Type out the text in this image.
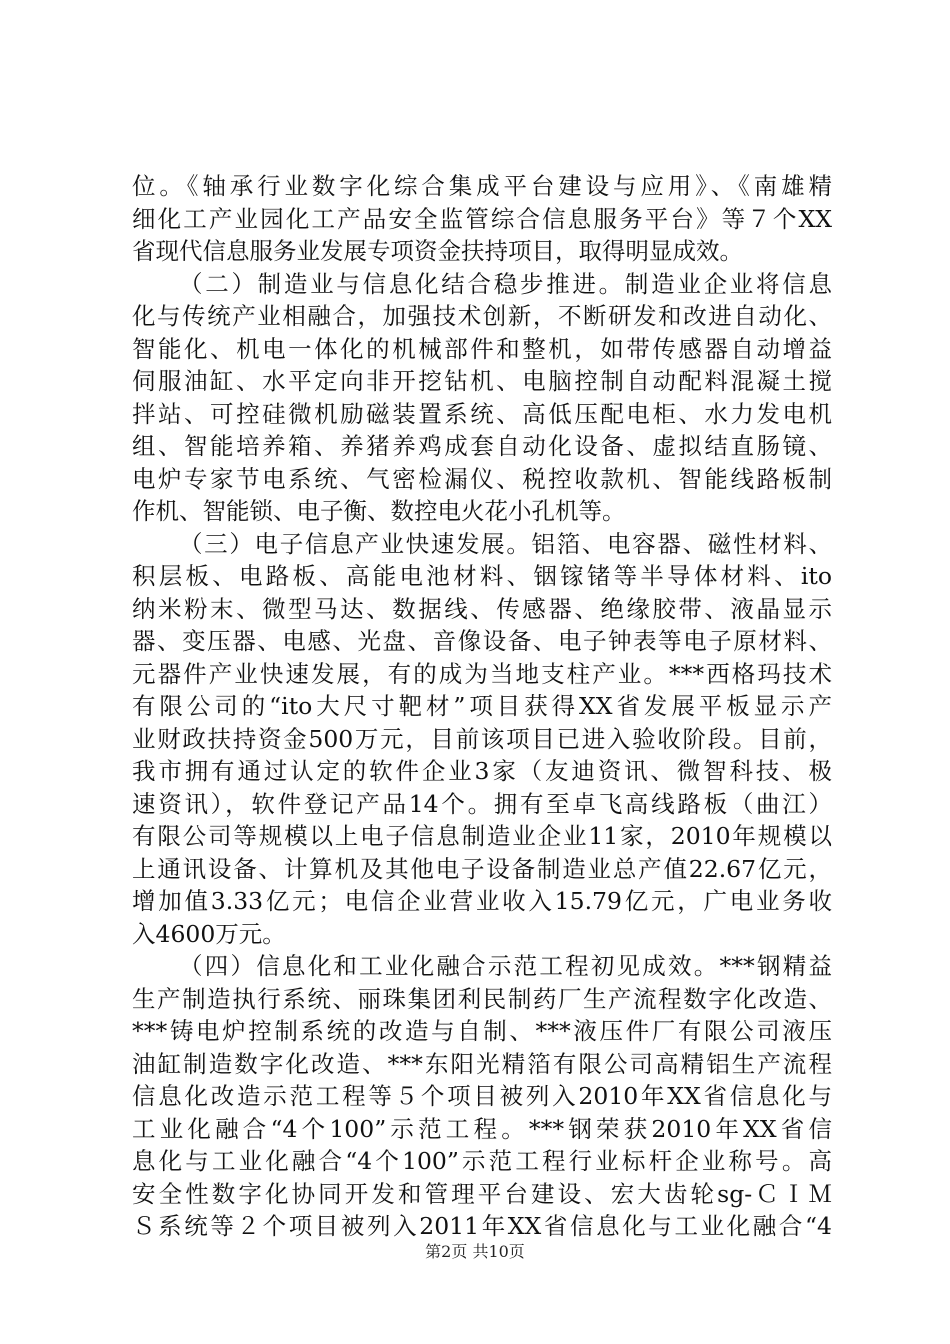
位。《轴承行业数字化综合集成平台建设与应用》、《南雄精
细化工产业园化工产品安全监管综合信息服务平台》等７个XX
省现代信息服务业发展专项资金扶持项目，取得明显成效。
（二）制造业与信息化结合稳步推进。制造业企业将信息
化与传统产业相融合，加强技术创新，不断研发和改进自动化、
智能化、机电一体化的机械部件和整机，如带传感器自动增益
伺服油缸、水平定向非开挖钻机、电脑控制自动配料混凝土搅
拌站、可控硅微机励磁装置系统、高低压配电柜、水力发电机
组、智能培养箱、养猪养鸡成套自动化设备、虚拟结直肠镜、
电炉专家节电系统、气密检漏仪、税控收款机、智能线路板制
作机、智能锁、电子衡、数控电火花小孔机等。
（三）电子信息产业快速发展。铝箔、电容器、磁性材料、
积层板、电路板、高能电池材料、铟镓锗等半导体材料、ito
纳米粉末、微型马达、数据线、传感器、绝缘胶带、液晶显示
器、变压器、电感、光盘、音像设备、电子钟表等电子原材料、
元器件产业快速发展，有的成为当地支柱产业。***西格玛技术
有限公司的“ito大尺寸靶材”项目获得XX省发展平板显示产
业财政扶持资金500万元，目前该项目已进入验收阶段。目前，
我市拥有通过认定的软件企业3家（友迪资讯、微智科技、极
速资讯），软件登记产品14个。拥有至卓飞高线路板（曲江）
有限公司等规模以上电子信息制造业企业11家，2010年规模以
上通讯设备、计算机及其他电子设备制造业总产值22.67亿元，
增加值3.33亿元；电信企业营业收入15.79亿元，广电业务收
入4600万元。
（四）信息化和工业化融合示范工程初见成效。***钢精益
生产制造执行系统、丽珠集团利民制药厂生产流程数字化改造、
***铸电炉控制系统的改造与自制、***液压件厂有限公司液压
油缸制造数字化改造、***东阳光精箔有限公司高精铝生产流程
信息化改造示范工程等５个项目被列入2010年XX省信息化与
工业化融合“4个100”示范工程。***钢荣获2010年XX省信
息化与工业化融合“4个100”示范工程行业标杆企业称号。高
安全性数字化协同开发和管理平台建设、宏大齿轮sg-ＣＩＭ
Ｓ系统等２个项目被列入2011年XX省信息化与工业化融合“4
第2页 共10页
